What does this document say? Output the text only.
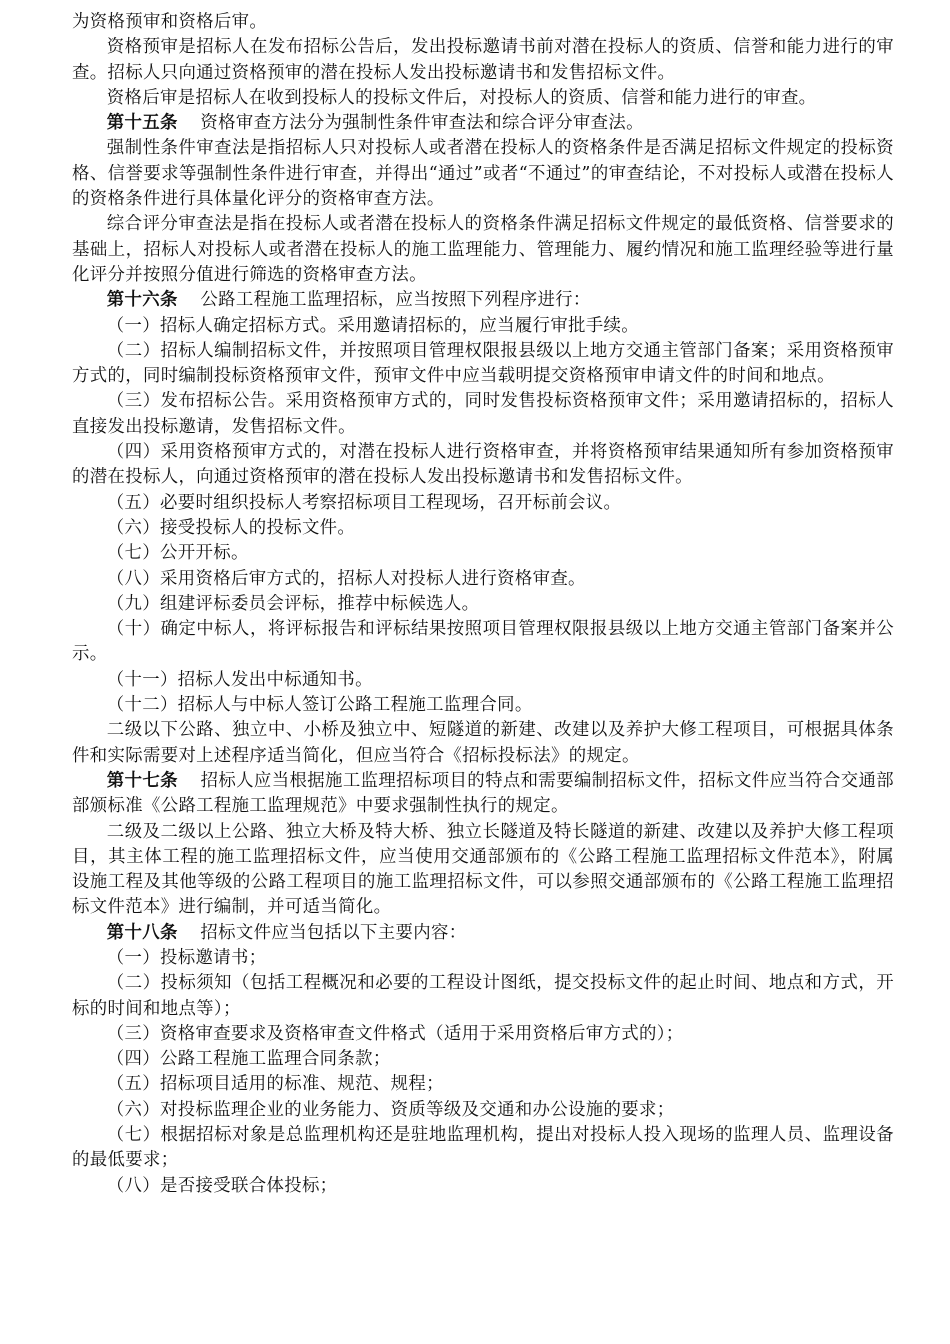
为资格预审和资格后审。

资格预审是招标人在发布招标公告后，发出投标邀请书前对潜在投标人的资质、信誉和能力进行的审查。招标人只向通过资格预审的潜在投标人发出投标邀请书和发售招标文件。

资格后审是招标人在收到投标人的投标文件后，对投标人的资质、信誉和能力进行的审查。

第十五条 资格审查方法分为强制性条件审查法和综合评分审查法。

强制性条件审查法是指招标人只对投标人或者潜在投标人的资格条件是否满足招标文件规定的投标资格、信誉要求等强制性条件进行审查，并得出“通过”或者“不通过”的审查结论，不对投标人或潜在投标人的资格条件进行具体量化评分的资格审查方法。

综合评分审查法是指在投标人或者潜在投标人的资格条件满足招标文件规定的最低资格、信誉要求的基础上，招标人对投标人或者潜在投标人的施工监理能力、管理能力、履约情况和施工监理经验等进行量化评分并按照分值进行筛选的资格审查方法。

第十六条 公路工程施工监理招标，应当按照下列程序进行：

（一）招标人确定招标方式。采用邀请招标的，应当履行审批手续。

（二）招标人编制招标文件，并按照项目管理权限报县级以上地方交通主管部门备案；采用资格预审方式的，同时编制投标资格预审文件，预审文件中应当载明提交资格预审申请文件的时间和地点。

（三）发布招标公告。采用资格预审方式的，同时发售投标资格预审文件；采用邀请招标的，招标人直接发出投标邀请，发售招标文件。

（四）采用资格预审方式的，对潜在投标人进行资格审查，并将资格预审结果通知所有参加资格预审的潜在投标人，向通过资格预审的潜在投标人发出投标邀请书和发售招标文件。

（五）必要时组织投标人考察招标项目工程现场，召开标前会议。

（六）接受投标人的投标文件。

（七）公开开标。

（八）采用资格后审方式的，招标人对投标人进行资格审查。

（九）组建评标委员会评标，推荐中标候选人。

（十）确定中标人，将评标报告和评标结果按照项目管理权限报县级以上地方交通主管部门备案并公示。

（十一）招标人发出中标通知书。

（十二）招标人与中标人签订公路工程施工监理合同。

二级以下公路、独立中、小桥及独立中、短隧道的新建、改建以及养护大修工程项目，可根据具体条件和实际需要对上述程序适当简化，但应当符合《招标投标法》的规定。

第十七条 招标人应当根据施工监理招标项目的特点和需要编制招标文件，招标文件应当符合交通部部颁标准《公路工程施工监理规范》中要求强制性执行的规定。

二级及二级以上公路、独立大桥及特大桥、独立长隧道及特长隧道的新建、改建以及养护大修工程项目，其主体工程的施工监理招标文件，应当使用交通部颁布的《公路工程施工监理招标文件范本》，附属设施工程及其他等级的公路工程项目的施工监理招标文件，可以参照交通部颁布的《公路工程施工监理招标文件范本》进行编制，并可适当简化。

第十八条 招标文件应当包括以下主要内容：

（一）投标邀请书；

（二）投标须知（包括工程概况和必要的工程设计图纸，提交投标文件的起止时间、地点和方式，开标的时间和地点等）；

（三）资格审查要求及资格审查文件格式（适用于采用资格后审方式的）；

（四）公路工程施工监理合同条款；

（五）招标项目适用的标准、规范、规程；

（六）对投标监理企业的业务能力、资质等级及交通和办公设施的要求；

（七）根据招标对象是总监理机构还是驻地监理机构，提出对投标人投入现场的监理人员、监理设备的最低要求；

（八）是否接受联合体投标；
